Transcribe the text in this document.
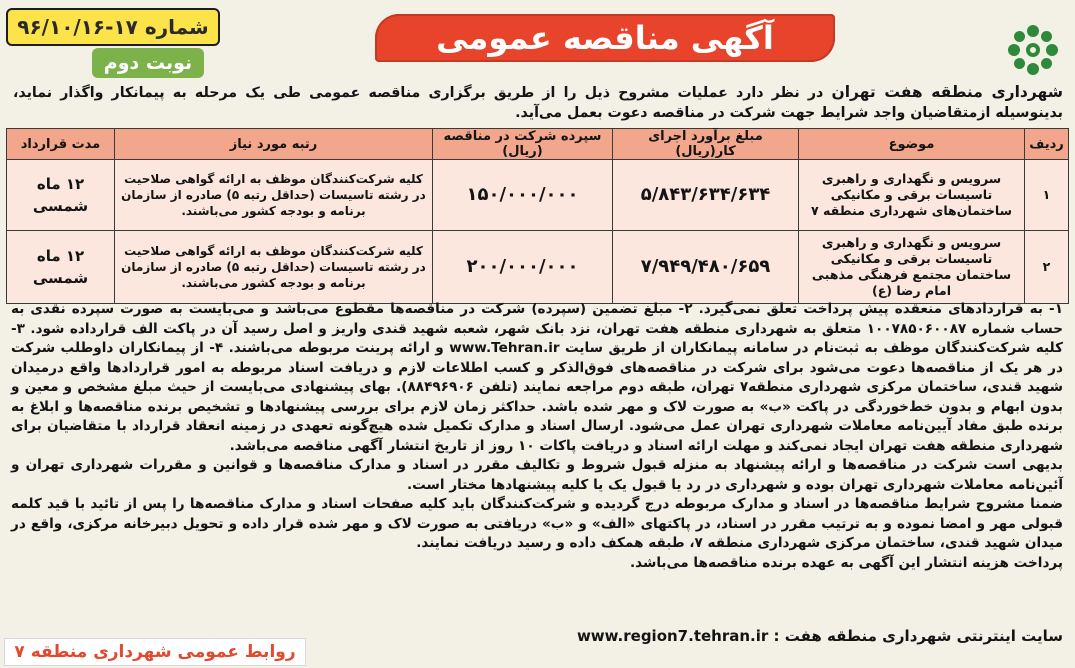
آگهی مناقصه عمومی
شماره ۱۷-۹۶/۱۰/۱۶
نوبت دوم
شهرداری منطقه هفت تهران در نظر دارد عملیات مشروح ذیل را از طریق برگزاری مناقصه عمومی طی یک مرحله به پیمانکار واگذار نماید، بدینوسیله ازمتقاضیان واجد شرایط جهت شرکت در مناقصه دعوت بعمل می‌آید.
ردیف	موضوع	مبلغ برآورد اجرای کار(ریال)	سپرده شرکت در مناقصه (ریال)	رتبه مورد نیاز	مدت قرارداد
۱	سرویس و نگهداری و راهبری تاسیسات برقی و مکانیکی ساختمان‌های شهرداری منطقه ۷	۵/۸۴۳/۶۳۴/۶۳۴	۱۵۰/۰۰۰/۰۰۰	کلیه شرکت‌کنندگان موظف به ارائه گواهی صلاحیت در رشته تاسیسات (حداقل رتبه ۵) صادره از سازمان برنامه و بودجه کشور می‌باشند.	۱۲ ماه شمسی
۲	سرویس و نگهداری و راهبری تاسیسات برقی و مکانیکی ساختمان مجتمع فرهنگی مذهبی امام رضا (ع)	۷/۹۴۹/۴۸۰/۶۵۹	۲۰۰/۰۰۰/۰۰۰	کلیه شرکت‌کنندگان موظف به ارائه گواهی صلاحیت در رشته تاسیسات (حداقل رتبه ۵) صادره از سازمان برنامه و بودجه کشور می‌باشند.	۱۲ ماه شمسی

۱- به قراردادهای منعقده پیش پرداخت تعلق نمی‌گیرد. ۲- مبلغ تضمین (سپرده) شرکت در مناقصه‌ها مقطوع می‌باشد و می‌بایست به صورت سپرده نقدی به حساب شماره ۱۰۰۷۸۵۰۶۰۰۸۷ متعلق به شهرداری منطقه هفت تهران، نزد بانک شهر، شعبه شهید قندی واریز و اصل رسید آن در پاکت الف قرارداده شود. ۳- کلیه شرکت‌کنندگان موظف به ثبت‌نام در سامانه پیمانکاران از طریق سایت www.Tehran.ir و ارائه پرینت مربوطه می‌باشند. ۴- از پیمانکاران داوطلب شرکت در هر یک از مناقصه‌ها دعوت می‌شود برای شرکت در مناقصه‌های فوق‌الذکر و کسب اطلاعات لازم و دریافت اسناد مربوطه به امور قراردادها واقع درمیدان شهید قندی، ساختمان مرکزی شهرداری منطقه۷ تهران، طبقه دوم مراجعه نمایند (تلفن ۸۸۴۹۶۹۰۶). بهای پیشنهادی می‌بایست از حیث مبلغ مشخص و معین و بدون ابهام و بدون خط‌خوردگی در پاکت «ب» به صورت لاک و مهر شده باشد. حداکثر زمان لازم برای بررسی پیشنهادها و تشخیص برنده مناقصه‌ها و ابلاغ به برنده طبق مفاد آیین‌نامه معاملات شهرداری تهران عمل می‌شود. ارسال اسناد و مدارک تکمیل شده هیچ‌گونه تعهدی در زمینه انعقاد قرارداد با متقاضیان برای شهرداری منطقه هفت تهران ایجاد نمی‌کند و مهلت ارائه اسناد و دریافت پاکات ۱۰ روز از تاریخ انتشار آگهی مناقصه می‌باشد.

بدیهی است شرکت در مناقصه‌ها و ارائه پیشنهاد به منزله قبول شروط و تکالیف مقرر در اسناد و مدارک مناقصه‌ها و قوانین و مقررات شهرداری تهران و آئین‌نامه معاملات شهرداری تهران بوده و شهرداری در رد یا قبول یک یا کلیه پیشنهادها مختار است.

ضمنا مشروح شرایط مناقصه‌ها در اسناد و مدارک مربوطه درج گردیده و شرکت‌کنندگان باید کلیه صفحات اسناد و مدارک مناقصه‌ها را پس از تائید با قید کلمه قبولی مهر و امضا نموده و به ترتیب مقرر در اسناد، در پاکتهای «الف» و «ب» دریافتی به صورت لاک و مهر شده قرار داده و تحویل دبیرخانه مرکزی، واقع در میدان شهید قندی، ساختمان مرکزی شهرداری منطقه ۷، طبقه همکف داده و رسید دریافت نمایند.

پرداخت هزینه انتشار این آگهی به عهده برنده مناقصه‌ها می‌باشد.

سایت اینترنتی شهرداری منطقه هفت : www.region7.tehran.ir
روابط عمومی شهرداری منطقه ۷
